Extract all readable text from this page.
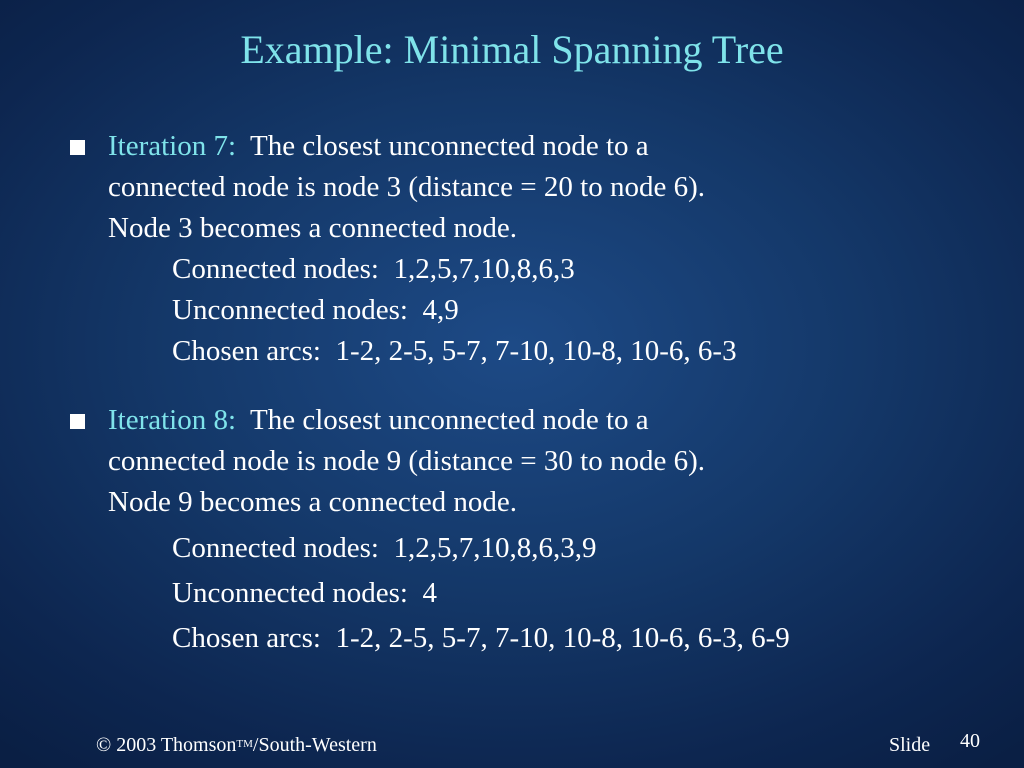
Example: Minimal Spanning Tree
Iteration 7:  The closest unconnected node to a
connected node is node 3 (distance = 20 to node 6).
Node 3 becomes a connected node.
Connected nodes:  1,2,5,7,10,8,6,3
Unconnected nodes:  4,9
Chosen arcs:  1-2, 2-5, 5-7, 7-10, 10-8, 10-6, 6-3
Iteration 8:  The closest unconnected node to a
connected node is node 9 (distance = 30 to node 6).
Node 9 becomes a connected node.
Connected nodes:  1,2,5,7,10,8,6,3,9
Unconnected nodes:  4
Chosen arcs:  1-2, 2-5, 5-7, 7-10, 10-8, 10-6, 6-3, 6-9
© 2003 Thomson™/South-Western	Slide 40
